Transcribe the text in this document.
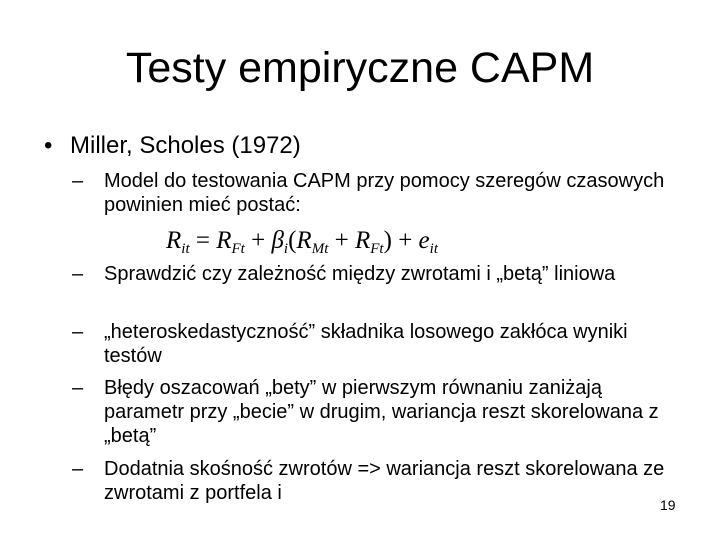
Testy empiryczne CAPM
• Miller, Scholes (1972)
– Model do testowania CAPM przy pomocy szeregów czasowych powinien mieć postać:
$R_{it} = R_{Ft} + \beta_i(R_{Mt} + R_{Ft}) + e_{it}$
– Sprawdzić czy zależność między zwrotami i „betą” liniowa
– „heteroskedastyczność” składnika losowego zakłóca wyniki testów
– Błędy oszacowań „bety” w pierwszym równaniu zaniżają parametr przy „becie” w drugim, wariancja reszt skorelowana z „betą”
– Dodatnia skośność zwrotów => wariancja reszt skorelowana ze zwrotami z portfela i
19
